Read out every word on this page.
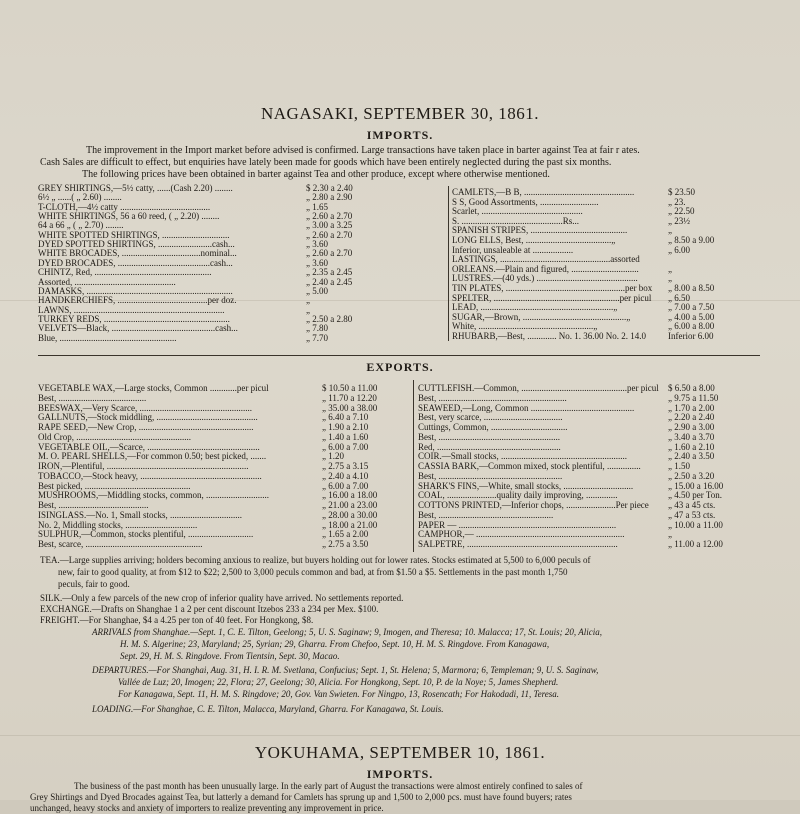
NAGASAKI, SEPTEMBER 30, 1861.
IMPORTS.
The improvement in the Import market before advised is confirmed. Large transactions have taken place in barter against Tea at fair r ates.
Cash Sales are difficult to effect, but enquiries have lately been made for goods which have been entirely neglected during the past six months.
The following prices have been obtained in barter against Tea and other produce, except where otherwise mentioned.
GREY SHIRTINGS,—5½ catty, ......(Cash 2.20) ........	$ 2.30 a 2.40
6½ „ ......( „ 2.60) ........	„ 2.80 a 2.90
T-CLOTH,—4½ catty ........................................	„ 1.65
WHITE SHIRTINGS, 56 a 60 reed, ( „ 2.20) ........	„ 2.60 a 2.70
64 a 66 „ ( „ 2.70) ........	„ 3.00 a 3.25
WHITE SPOTTED SHIRTINGS, ..............................	„ 2.60 a 2.70
DYED SPOTTED SHIRTINGS, ........................cash...	„ 3.60
WHITE BROCADES, ...................................nominal...	„ 2.60 a 2.70
DYED BROCADES, .........................................cash...	„ 3.60
CHINTZ, Red, ....................................................	„ 2.35 a 2.45
Assorted, .............................................	„ 2.40 a 2.45
DAMASKS, .................................................................	„ 5.00
HANDKERCHIEFS, ........................................per doz.	„
LAWNS, ...................................................................	„
TURKEY REDS, ........................................................	„ 2.50 a 2.80
VELVETS—Black, ..............................................cash...	„ 7.80
Blue, ....................................................	„ 7.70
CAMLETS,—B B, .................................................	$ 23.50
S S, Good Assortments, ..........................	„ 23.
Scarlet, .............................................	„ 22.50
S. .............................................Rs...	„ 23½
SPANISH STRIPES, ...........................................	„
LONG ELLS, Best, ......................................„	„ 8.50 a 9.00
Inferior, unsaleable at ..................	„ 6.00
LASTINGS, .................................................assorted
ORLEANS.—Plain and figured, ..............................	„
LUSTRES.—(40 yds.) .............................................	„
TIN PLATES, .....................................................per box	„ 8.00 a 8.50
SPELTER, ........................................................per picul	„ 6.50
LEAD, ...........................................................„	„ 7.00 a 7.50
SUGAR,—Brown, ..............................................„	„ 4.00 a 5.00
White, ...................................................„	„ 6.00 a 8.00
RHUBARB,—Best, ............. No. 1. 36.00 No. 2. 14.0	Inferior 6.00
EXPORTS.
VEGETABLE WAX,—Large stocks, Common ............per picul	$ 10.50 a 11.00
Best, .......................................	„ 11.70 a 12.20
BEESWAX,—Very Scarce, ..................................................	„ 35.00 a 38.00
GALLNUTS,—Stock middling, .............................................	„ 6.40 a 7.10
RAPE SEED,—New Crop, ...................................................	„ 1.90 a 2.10
Old Crop, ...................................................	„ 1.40 a 1.60
VEGETABLE OIL,—Scarce, ..................................................	„ 6.00 a 7.00
M. O. PEARL SHELLS,—For common 0.50; best picked, .......	„ 1.20
IRON,—Plentiful, ...............................................................	„ 2.75 a 3.15
TOBACCO,—Stock heavy, ......................................................	„ 2.40 a 4.10
Best picked, ...............................................	„ 6.00 a 7.00
MUSHROOMS,—Middling stocks, common, ............................	„ 16.00 a 18.00
Best, ........................................	„ 21.00 a 23.00
ISINGLASS.—No. 1, Small stocks, ................................	„ 28.00 a 30.00
No. 2, Middling stocks, ................................	„ 18.00 a 21.00
SULPHUR,—Common, stocks plentiful, .............................	„ 1.65 a 2.00
Best, scarce, ....................................................	„ 2.75 a 3.50
CUTTLEFISH.—Common, ...............................................per picul	$ 6.50 a 8.00
Best, .........................................................	„ 9.75 a 11.50
SEAWEED,—Long, Common ..............................................	„ 1.70 a 2.00
Best, very scarce, ...................................	„ 2.20 a 2.40
Cuttings, Common, ..................................	„ 2.90 a 3.00
Best, ......................................................	„ 3.40 a 3.70
Red, .......................................................	„ 1.60 a 2.10
COIR.—Small stocks, ........................................................	„ 2.40 a 3.50
CASSIA BARK,—Common mixed, stock plentiful, ...............	„ 1.50
Best, .......................................................	„ 2.50 a 3.20
SHARK'S FINS,—White, small stocks, ...............................	„ 15.00 a 16.00
COAL, ......................quality daily improving, ..............	„ 4.50 per Ton.
COTTONS PRINTED,—Inferior chops, ......................Per piece	„ 43 a 45 cts.
Best, ...................................................	„ 47 a 53 cts.
PAPER — ......................................................................	„ 10.00 a 11.00
CAMPHOR,— ..................................................................	„
SALPETRE, ...................................................................	„ 11.00 a 12.00
TEA.—Large supplies arriving; holders becoming anxious to realize, but buyers holding out for lower rates. Stocks estimated at 5,500 to 6,000 peculs of
new, fair to good quality, at from $12 to $22; 2,500 to 3,000 peculs common and bad, at from $1.50 a $5. Settlements in the past month 1,750
peculs, fair to good.
SILK.—Only a few parcels of the new crop of inferior quality have arrived. No settlements reported.
EXCHANGE.—Drafts on Shanghae 1 a 2 per cent discount Itzebos 233 a 234 per Mex. $100.
FREIGHT.—For Shanghae, $4 a 4.25 per ton of 40 feet. For Hongkong, $8.
ARRIVALS from Shanghae.—Sept. 1, C. E. Tilton, Geelong; 5, U. S. Saginaw; 9, Imogen, and Theresa; 10. Malacca; 17, St. Louis; 20, Alicia,
H. M. S. Algerine; 23, Maryland; 25, Syrian; 29, Gharra. From Chefoo, Sept. 10, H. M. S. Ringdove. From Kanagawa,
Sept. 29, H. M. S. Ringdove. From Tientsin, Sept. 30, Macao.
DEPARTURES.—For Shanghai, Aug. 31, H. I. R. M. Svetlana, Confucius; Sept. 1, St. Helena; 5, Marmora; 6, Templeman; 9, U. S. Saginaw,
Vallée de Luz; 20, Imogen; 22, Flora; 27, Geelong; 30, Alicia. For Hongkong, Sept. 10, P. de la Noye; 5, James Shepherd.
For Kanagawa, Sept. 11, H. M. S. Ringdove; 20, Gov. Van Swieten. For Ningpo, 13, Rosencath; For Hakodadi, 11, Teresa.
LOADING.—For Shanghae, C. E. Tilton, Malacca, Maryland, Gharra. For Kanagawa, St. Louis.
YOKUHAMA, SEPTEMBER 10, 1861.
IMPORTS.
The business of the past month has been unusually large. In the early part of August the transactions were almost entirely confined to sales of
Grey Shirtings and Dyed Brocades against Tea, but latterly a demand for Camlets has sprung up and 1,500 to 2,000 pcs. must have found buyers; rates
unchanged, heavy stocks and anxiety of importers to realize preventing any improvement in price.
